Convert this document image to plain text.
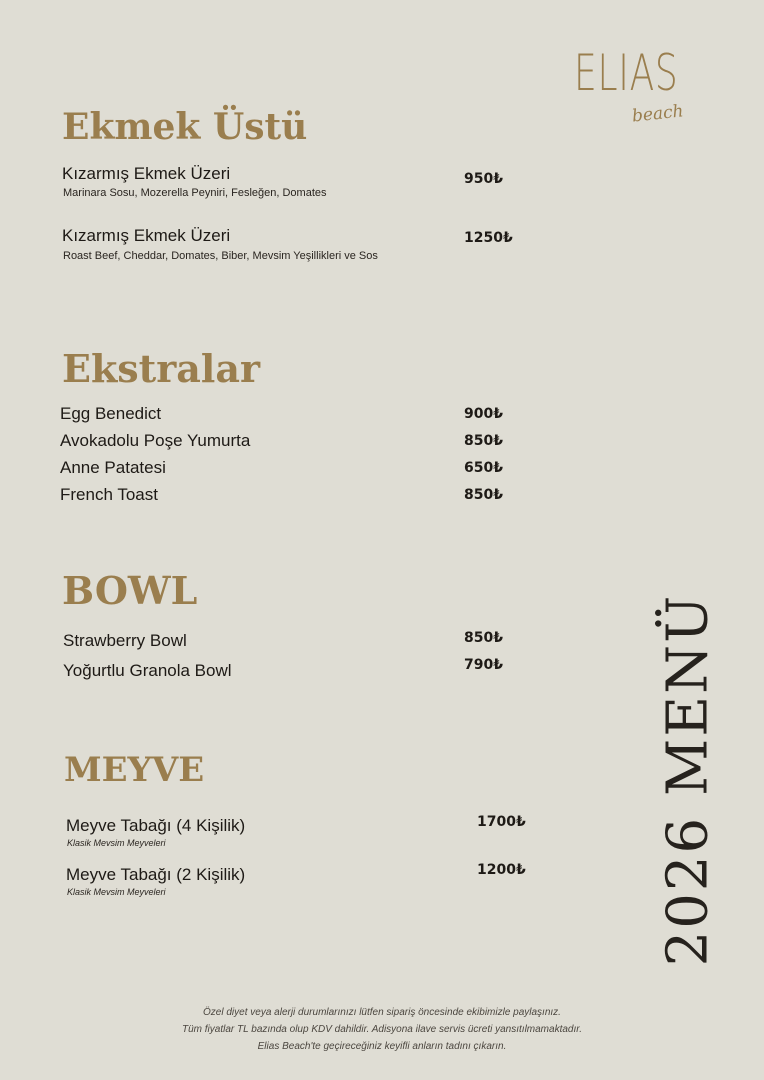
ELIAS
beach
Ekmek Üstü
Kızarmış Ekmek Üzeri
Marinara Sosu, Mozerella Peyniri, Fesleğen, Domates
950₺
Kızarmış Ekmek Üzeri
Roast Beef, Cheddar, Domates, Biber, Mevsim Yeşillikleri ve Sos
1250₺
Ekstralar
Egg Benedict	900₺
Avokadolu Poşe Yumurta	850₺
Anne Patatesi	650₺
French Toast	850₺
BOWL
Strawberry Bowl	850₺
Yoğurtlu Granola Bowl	790₺
MEYVE
Meyve Tabağı (4 Kişilik)
Klasik Mevsim Meyveleri
1700₺
Meyve Tabağı (2 Kişilik)
Klasik Mevsim Meyveleri
1200₺ 2026 MENÜ
Özel diyet veya alerji durumlarınızı lütfen sipariş öncesinde ekibimizle paylaşınız.
Tüm fiyatlar TL bazında olup KDV dahildir. Adisyona ilave servis ücreti yansıtılmamaktadır.
Elias Beach'te geçireceğiniz keyifli anların tadını çıkarın.
